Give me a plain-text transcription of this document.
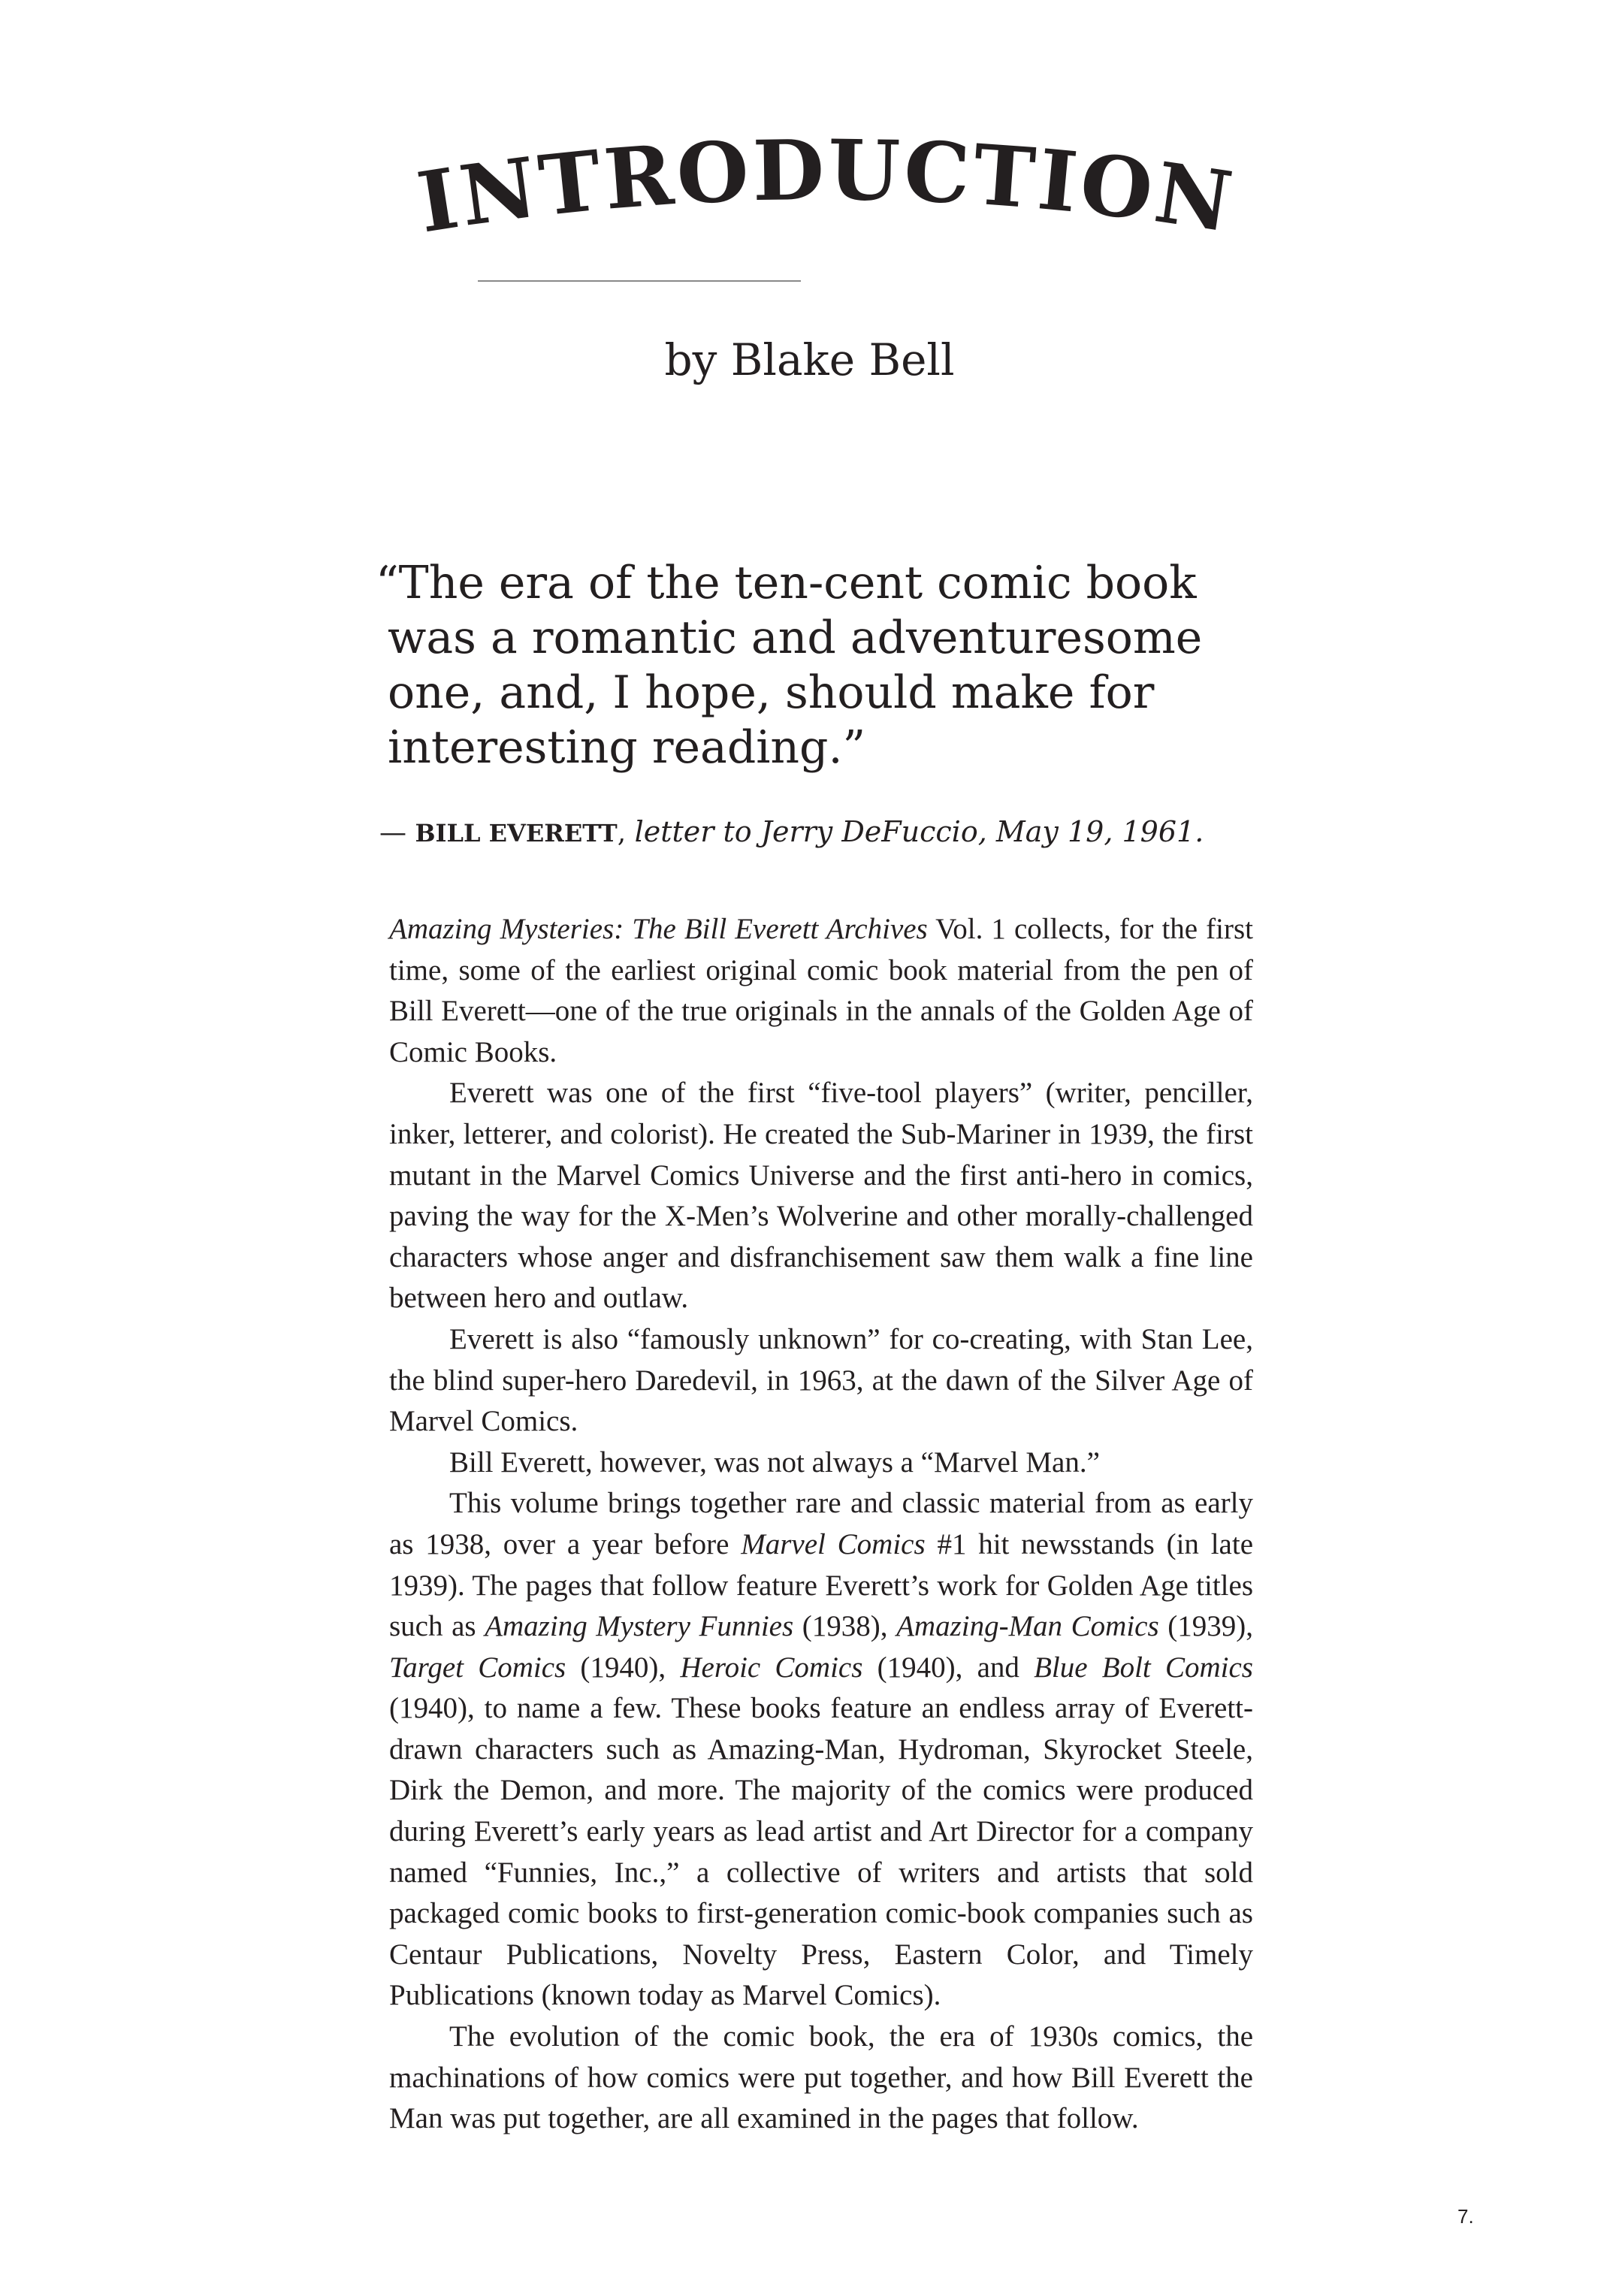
INTRODUCTION
by Blake Bell
“The era of the ten-cent comic book
was a romantic and adventuresome
one, and, I hope, should make for
interesting reading.”
— BILL EVERETT, letter to Jerry DeFuccio, May 19, 1961.

Amazing Mysteries: The Bill Everett Archives Vol. 1 collects, for the first time, some of the earliest original comic book material from the pen of Bill Everett—one of the true originals in the annals of the Golden Age of Comic Books.

Everett was one of the first “five-tool players” (writer, penciller, inker, letterer, and colorist). He created the Sub-Mariner in 1939, the first mutant in the Marvel Comics Universe and the first anti-hero in comics, paving the way for the X-Men’s Wolverine and other morally-challenged characters whose anger and disfranchisement saw them walk a fine line between hero and outlaw.

Everett is also “famously unknown” for co-creating, with Stan Lee, the blind super-hero Daredevil, in 1963, at the dawn of the Silver Age of Marvel Comics.

Bill Everett, however, was not always a “Marvel Man.”

This volume brings together rare and classic material from as early as 1938, over a year before Marvel Comics #1 hit newsstands (in late 1939). The pages that follow feature Everett’s work for Golden Age titles such as Amazing Mystery Funnies (1938), Amazing-Man Comics (1939), Target Comics (1940), Heroic Comics (1940), and Blue Bolt Comics (1940), to name a few. These books feature an endless array of Everett-drawn characters such as Amazing-Man, Hydroman, Skyrocket Steele, Dirk the Demon, and more. The majority of the comics were produced during Everett’s early years as lead artist and Art Director for a company named “Funnies, Inc.,” a collective of writers and artists that sold packaged comic books to first-generation comic-book companies such as Centaur Publications, Novelty Press, Eastern Color, and Timely Publications (known today as Marvel Comics).

The evolution of the comic book, the era of 1930s comics, the machinations of how comics were put together, and how Bill Everett the Man was put together, are all examined in the pages that follow.

7.
